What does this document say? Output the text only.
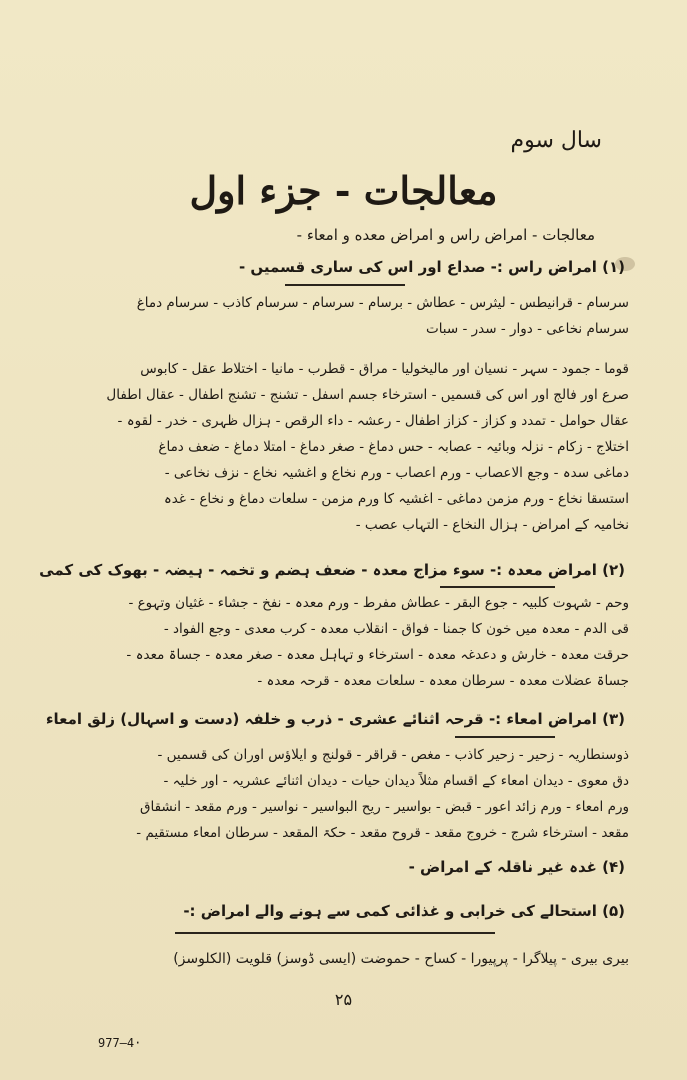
سال سوم
معالجات - جزء اول
معالجات - امراض راس و امراض معده و امعاء -
(۱) امراض راس :- صداع اور اس کی ساری قسمیں -
سرسام - قرانیطس - لیثرس - عطاش - برسام - سرسام - سرسام کاذب - سرسام دماغ
سرسام نخاعی - دوار - سدر - سبات
قوما - جمود - سہر - نسیان اور مالیخولیا - مراق - قطرب - مانیا - اختلاط عقل - کابوس
صرع اور فالج اور اس کی قسمیں - استرخاء جسم اسفل - تشنج - تشنج اطفال - عقال اطفال
عقال حوامل - تمدد و کزاز - کزاز اطفال - رعشہ - داء الرقص - ہزال ظہری - خدر - لقوہ -
اختلاج - زکام - نزلہ وبائیہ - عصابہ - حس دماغ - صغر دماغ - امتلا دماغ - ضعف دماغ
دماغی سدہ - وجع الاعصاب - ورم اعصاب - ورم نخاع و اغشیہ نخاع - نزف نخاعی -
استسقا نخاع - ورم مزمن دماغی - اغشیہ کا ورم مزمن - سلعات دماغ و نخاع - غدہ
نخامیہ کے امراض - ہزال النخاع - التہاب عصب -
(۲) امراض معدہ :- سوء مزاج معدہ - ضعف ہضم و تخمہ - ہیضہ - بھوک کی کمی
وحم - شہوت کلبیہ - جوع البقر - عطاش مفرط - ورم معدہ - نفخ - جشاء - غثیان وتہوع -
قی الدم - معدہ میں خون کا جمنا - فواق - انقلاب معدہ - کرب معدی - وجع الفواد -
حرقت معدہ - خارش و دعدغہ معدہ - استرخاء و تہاہل معدہ - صغر معدہ - جساۃ معدہ -
جساۃ عضلات معدہ - سرطان معدہ - سلعات معدہ - قرحہ معدہ -
(۳) امراض امعاء :- قرحہ اثنائے عشری - ذرب و خلفہ (دست و اسہال) زلق امعاء
ذوسنطاریہ - زحیر - زحیر کاذب - مغص - قراقر - قولنج و ایلاؤس اوران کی قسمیں -
دق معوی - دیدان امعاء کے اقسام مثلاً دیدان حیات - دیدان اثنائے عشریہ - اور خلیہ -
ورم امعاء - ورم زائد اعور - قبض - بواسیر - ریح البواسیر - نواسیر - ورم مقعد - انشقاق
مقعد - استرخاء شرج - خروج مقعد - قروح مقعد - حکۃ المقعد - سرطان امعاء مستقیم -
(۴) غدہ غیر ناقلہ کے امراض -
(۵) استحالے کی خرابی و غذائی کمی سے ہونے والے امراض :-
بیری بیری - پیلاگرا - پرپیورا - کساح - حموضت (ایسی ڈوسز) قلویت (الکلوسز)
۲۵
977—4·
